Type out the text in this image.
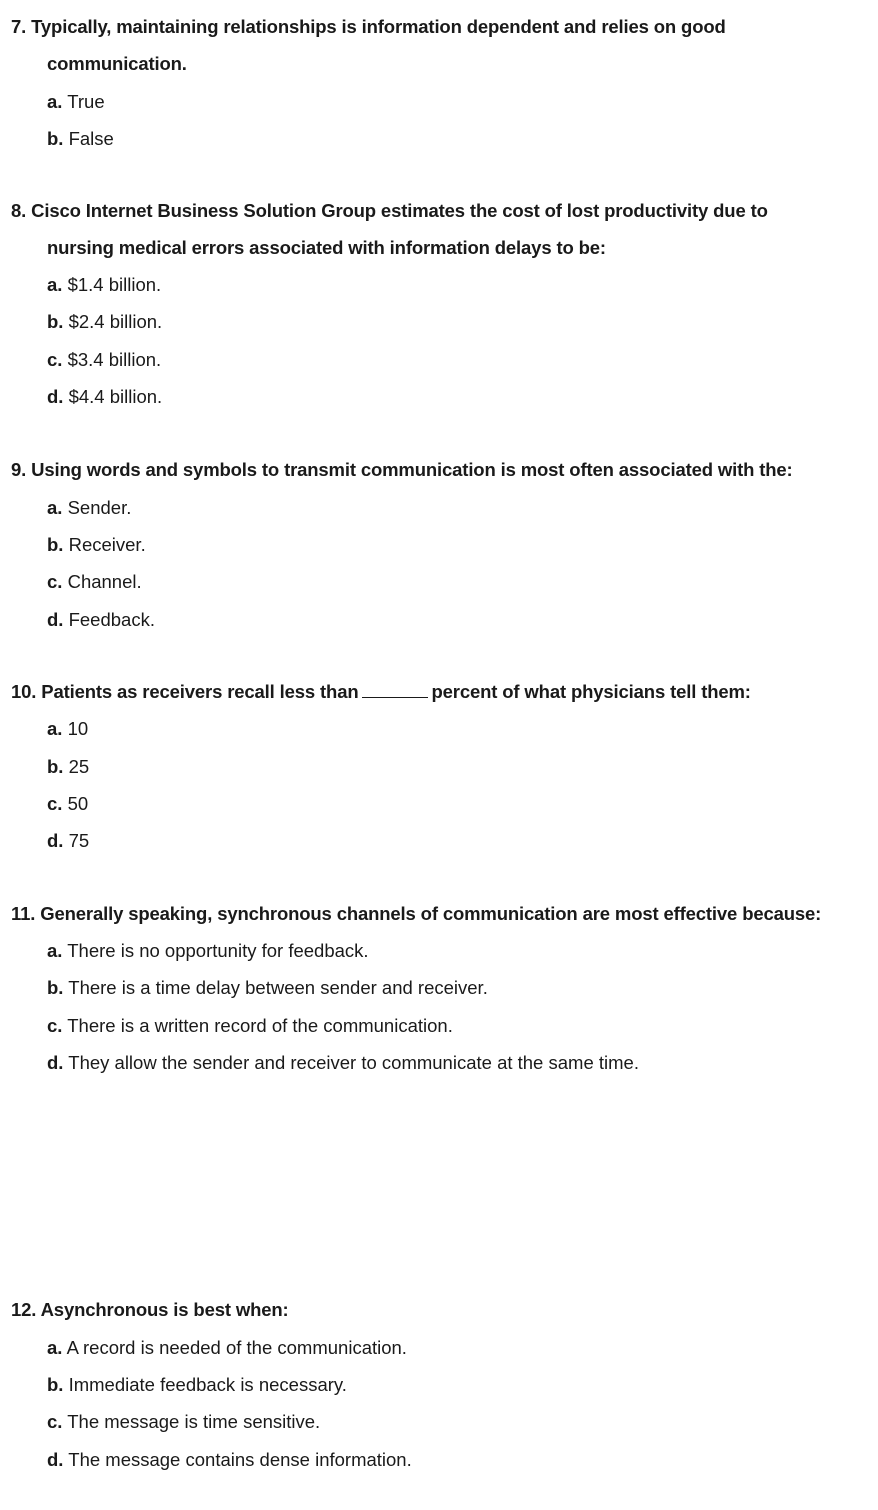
7. Typically, maintaining relationships is information dependent and relies on good
communication.
a. True
b. False
8. Cisco Internet Business Solution Group estimates the cost of lost productivity due to
nursing medical errors associated with information delays to be:
a. $1.4 billion.
b. $2.4 billion.
c. $3.4 billion.
d. $4.4 billion.
9. Using words and symbols to transmit communication is most often associated with the:
a. Sender.
b. Receiver.
c. Channel.
d. Feedback.
10. Patients as receivers recall less than	percent of what physicians tell them:
a. 10
b. 25
c. 50
d. 75
11. Generally speaking, synchronous channels of communication are most effective because:
a. There is no opportunity for feedback.
b. There is a time delay between sender and receiver.
c. There is a written record of the communication.
d. They allow the sender and receiver to communicate at the same time.
12. Asynchronous is best when:
a. A record is needed of the communication.
b. Immediate feedback is necessary.
c. The message is time sensitive.
d. The message contains dense information.
